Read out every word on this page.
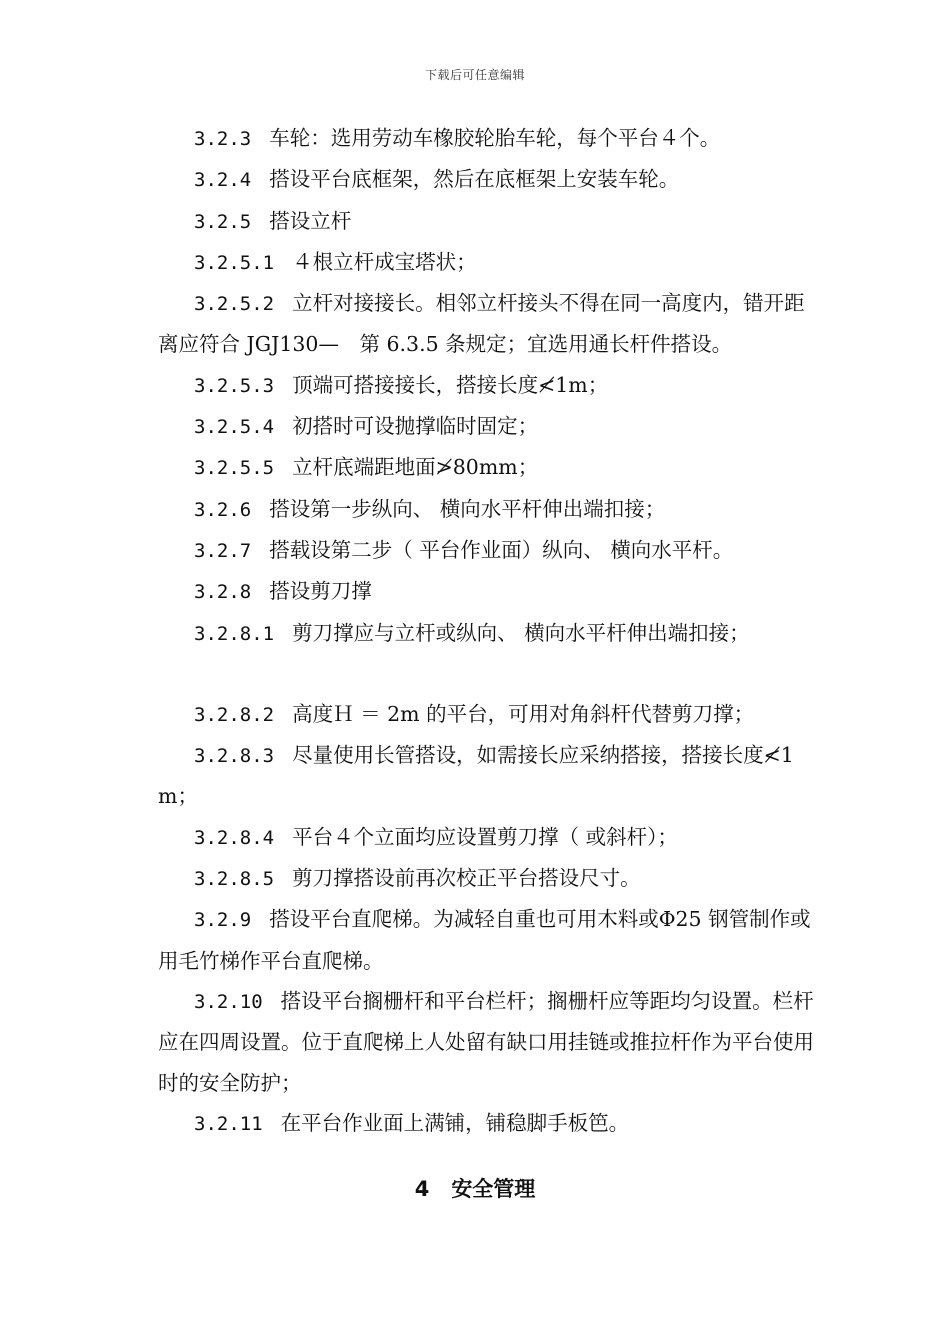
下载后可任意编辑

3.2.3 车轮：选用劳动车橡胶轮胎车轮，每个平台４个。

3.2.4 搭设平台底框架，然后在底框架上安装车轮。

3.2.5 搭设立杆

3.2.5.1 ４根立杆成宝塔状；

3.2.5.2 立杆对接接长。相邻立杆接头不得在同一高度内，错开距离应符合 JGJ130—　第 6.3.5 条规定；宜选用通长杆件搭设。

3.2.5.3 顶端可搭接接长，搭接长度≮1m；

3.2.5.4 初搭时可设抛撑临时固定；

3.2.5.5 立杆底端距地面≯80mm；

3.2.6 搭设第一步纵向、 横向水平杆伸出端扣接；

3.2.7 搭载设第二步（ 平台作业面）纵向、 横向水平杆。

3.2.8 搭设剪刀撑

3.2.8.1 剪刀撑应与立杆或纵向、 横向水平杆伸出端扣接；

3.2.8.2 高度Ｈ ＝ 2m 的平台，可用对角斜杆代替剪刀撑；

3.2.8.3 尽量使用长管搭设，如需接长应采纳搭接，搭接长度≮1m；

3.2.8.4 平台４个立面均应设置剪刀撑（ 或斜杆）；

3.2.8.5 剪刀撑搭设前再次校正平台搭设尺寸。

3.2.9 搭设平台直爬梯。为减轻自重也可用木料或Φ25 钢管制作或用毛竹梯作平台直爬梯。

3.2.10 搭设平台搁栅杆和平台栏杆；搁栅杆应等距均匀设置。栏杆应在四周设置。位于直爬梯上人处留有缺口用挂链或推拉杆作为平台使用时的安全防护；

3.2.11 在平台作业面上满铺，铺稳脚手板笆。

4 安全管理
